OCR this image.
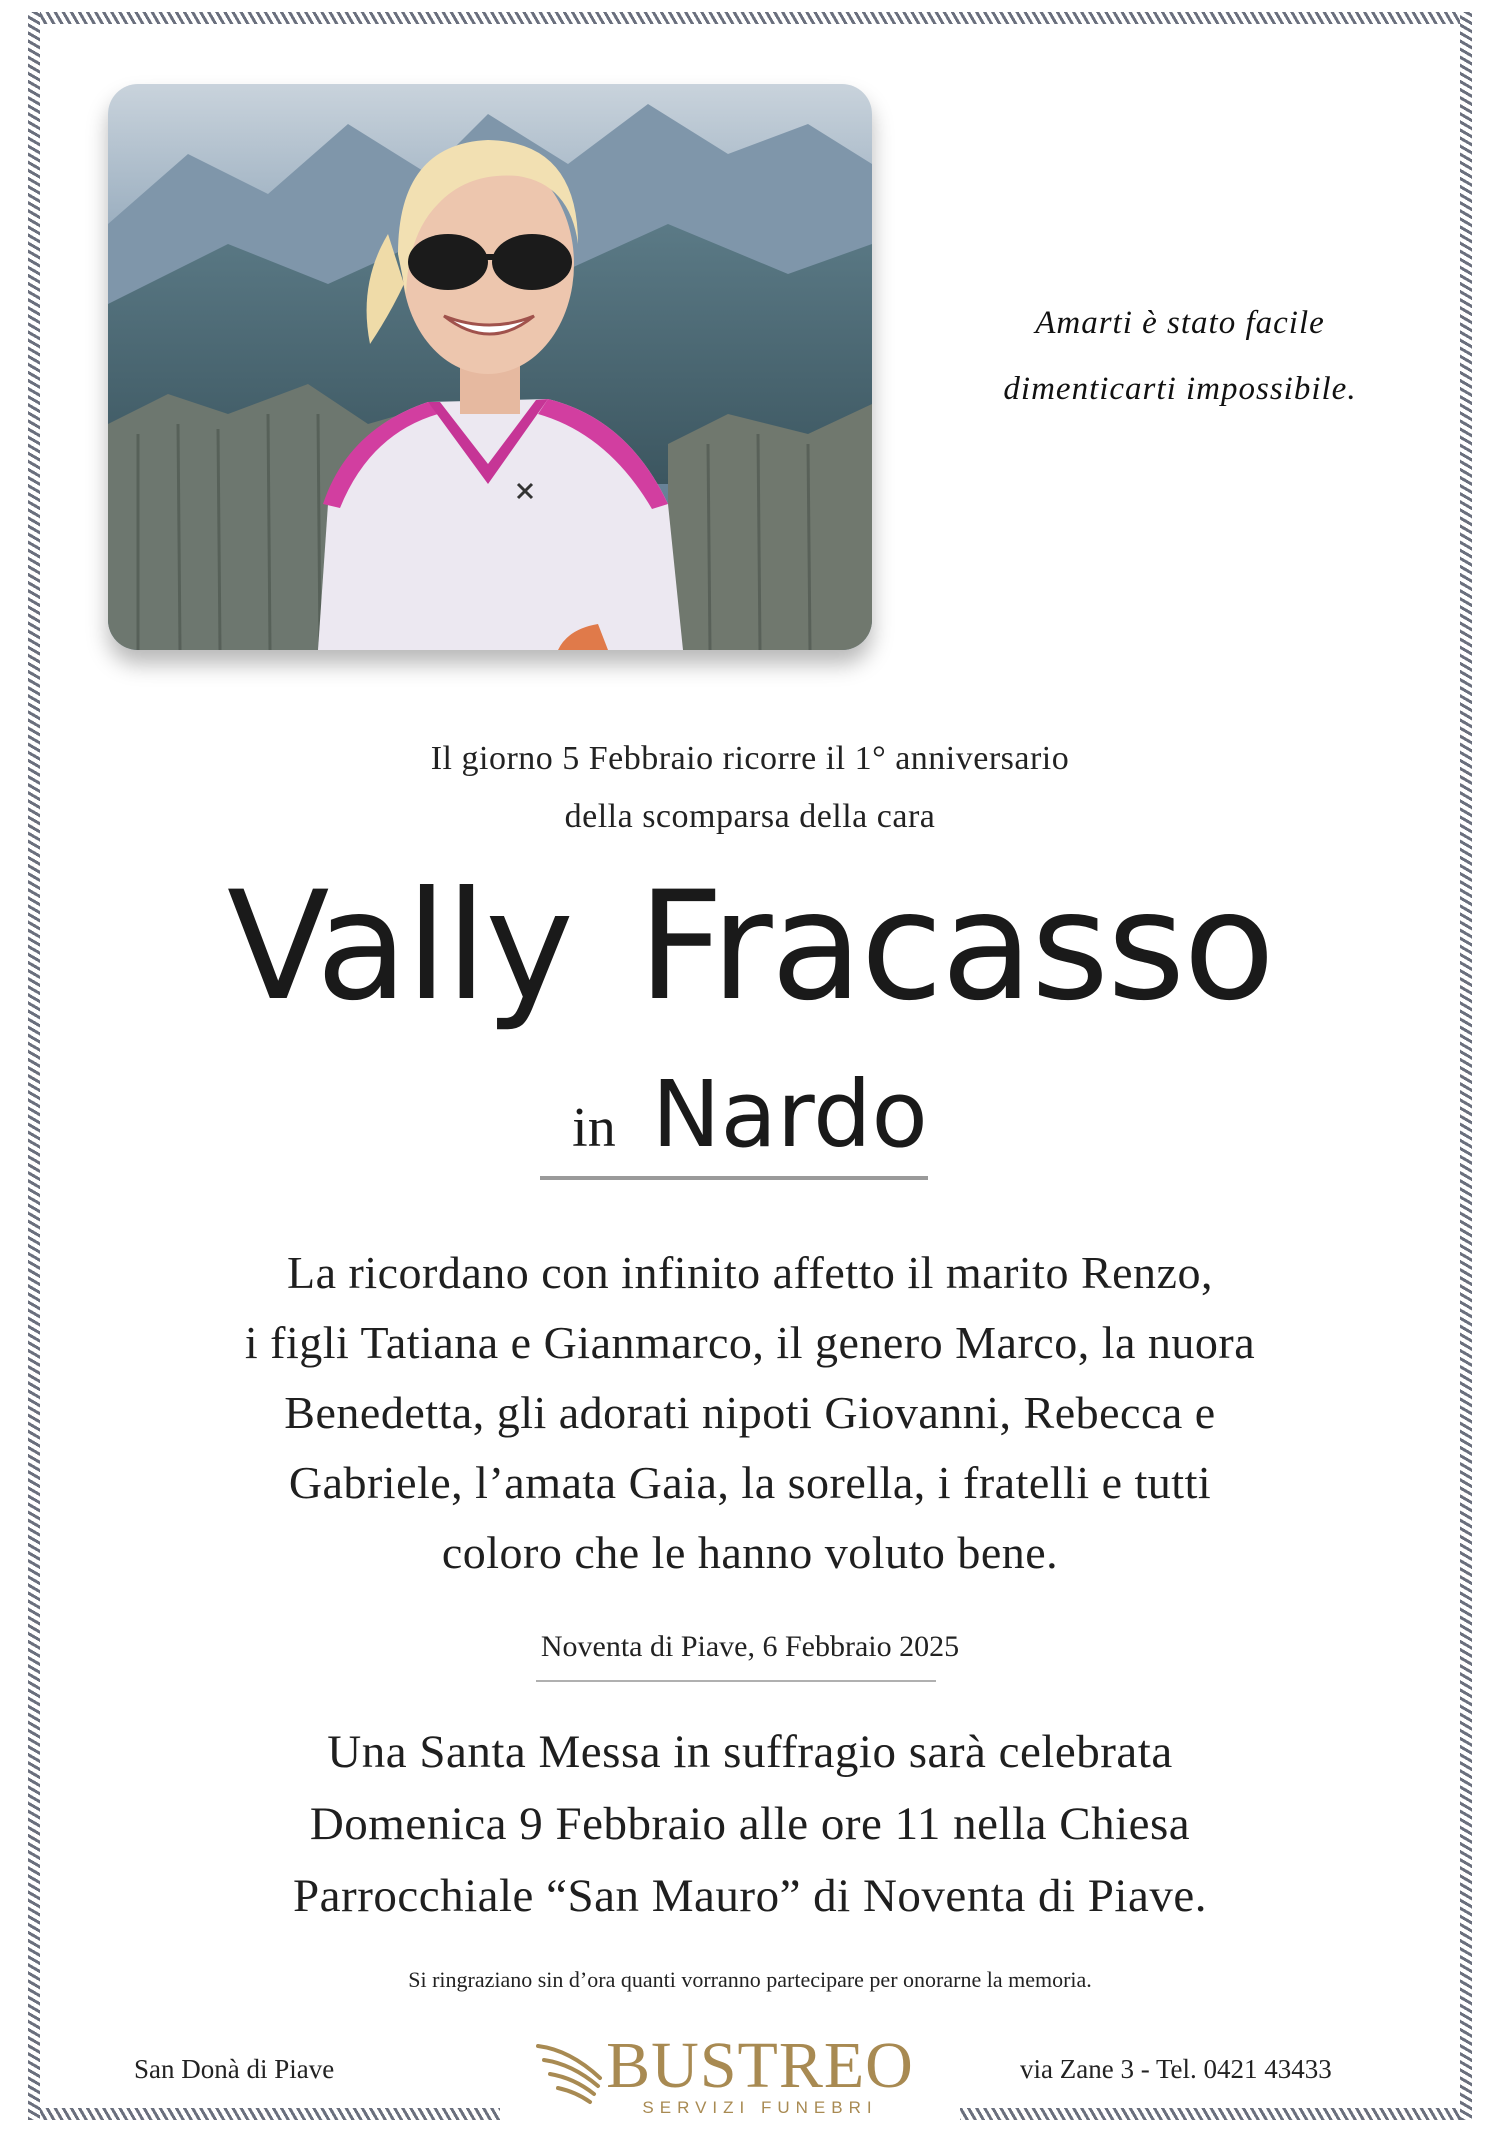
Amarti è stato facile
dimenticarti impossibile.
Il giorno 5 Febbraio ricorre il 1° anniversario
della scomparsa della cara
Vally Fracasso
in Nardo
La ricordano con infinito affetto il marito Renzo,
i figli Tatiana e Gianmarco, il genero Marco, la nuora
Benedetta, gli adorati nipoti Giovanni, Rebecca e
Gabriele, l’amata Gaia, la sorella, i fratelli e tutti
coloro che le hanno voluto bene.
Noventa di Piave, 6 Febbraio 2025
Una Santa Messa in suffragio sarà celebrata
Domenica 9 Febbraio alle ore 11 nella Chiesa
Parrocchiale “San Mauro” di Noventa di Piave.
Si ringraziano sin d’ora quanti vorranno partecipare per onorarne la memoria.
San Donà di Piave	BUSTREO
SERVIZI FUNEBRI
via Zane 3 - Tel. 0421 43433
